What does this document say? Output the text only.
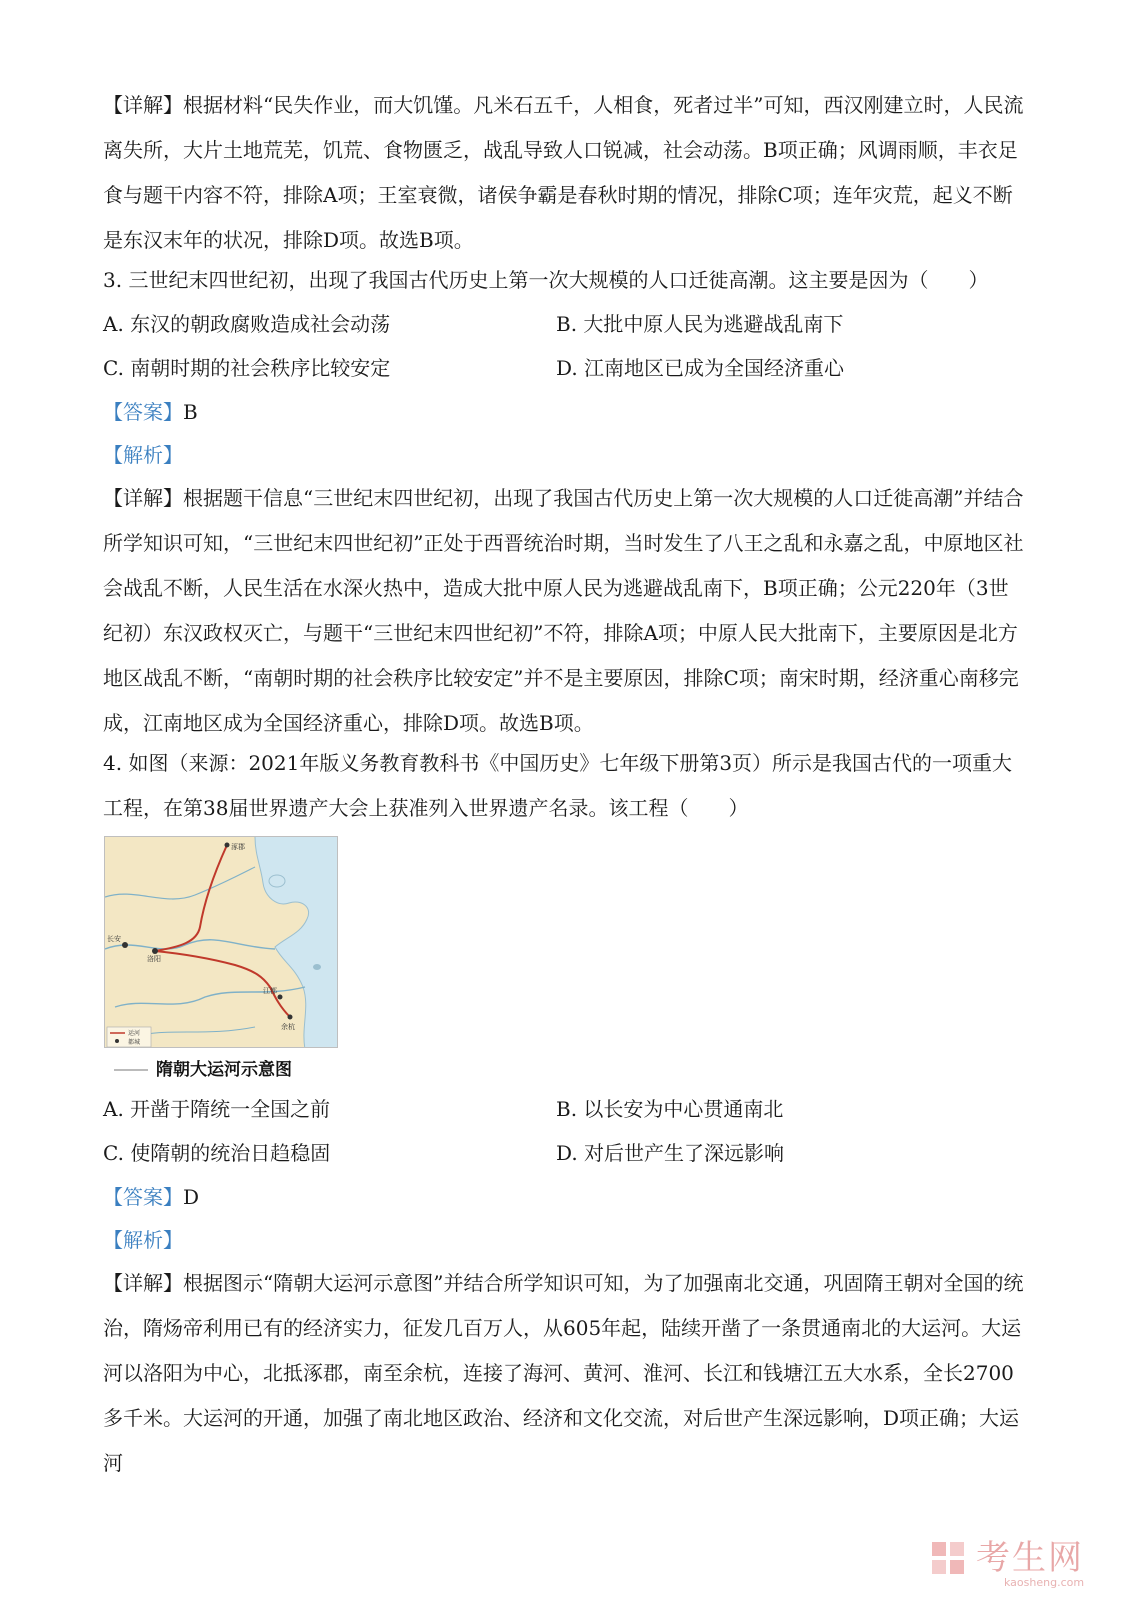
【详解】根据材料“民失作业，而大饥馑。凡米石五千，人相食，死者过半”可知，西汉刚建立时，人民流离失所，大片土地荒芜，饥荒、食物匮乏，战乱导致人口锐减，社会动荡。B项正确；风调雨顺，丰衣足食与题干内容不符，排除A项；王室衰微，诸侯争霸是春秋时期的情况，排除C项；连年灾荒，起义不断是东汉末年的状况，排除D项。故选B项。

3. 三世纪末四世纪初，出现了我国古代历史上第一次大规模的人口迁徙高潮。这主要是因为（　　）

A. 东汉的朝政腐败造成社会动荡	B. 大批中原人民为逃避战乱南下

C. 南朝时期的社会秩序比较安定	D. 江南地区已成为全国经济重心

【答案】B

【解析】

【详解】根据题干信息“三世纪末四世纪初，出现了我国古代历史上第一次大规模的人口迁徙高潮”并结合所学知识可知，“三世纪末四世纪初”正处于西晋统治时期，当时发生了八王之乱和永嘉之乱，中原地区社会战乱不断，人民生活在水深火热中，造成大批中原人民为逃避战乱南下，B项正确；公元220年（3世纪初）东汉政权灭亡，与题干“三世纪末四世纪初”不符，排除A项；中原人民大批南下，主要原因是北方地区战乱不断，“南朝时期的社会秩序比较安定”并不是主要原因，排除C项；南宋时期，经济重心南移完成，江南地区成为全国经济重心，排除D项。故选B项。

4. 如图（来源：2021年版义务教育教科书《中国历史》七年级下册第3页）所示是我国古代的一项重大工程，在第38届世界遗产大会上获准列入世界遗产名录。该工程（　　）

涿郡
长安
洛阳
江都
余杭
运河
都城
隋朝大运河示意图

A. 开凿于隋统一全国之前	B. 以长安为中心贯通南北

C. 使隋朝的统治日趋稳固	D. 对后世产生了深远影响

【答案】D

【解析】

【详解】根据图示“隋朝大运河示意图”并结合所学知识可知，为了加强南北交通，巩固隋王朝对全国的统治，隋炀帝利用已有的经济实力，征发几百万人，从605年起，陆续开凿了一条贯通南北的大运河。大运河以洛阳为中心，北抵涿郡，南至余杭，连接了海河、黄河、淮河、长江和钱塘江五大水系，全长2700多千米。大运河的开通，加强了南北地区政治、经济和文化交流，对后世产生深远影响，D项正确；大运河

考生网
kaosheng.com
